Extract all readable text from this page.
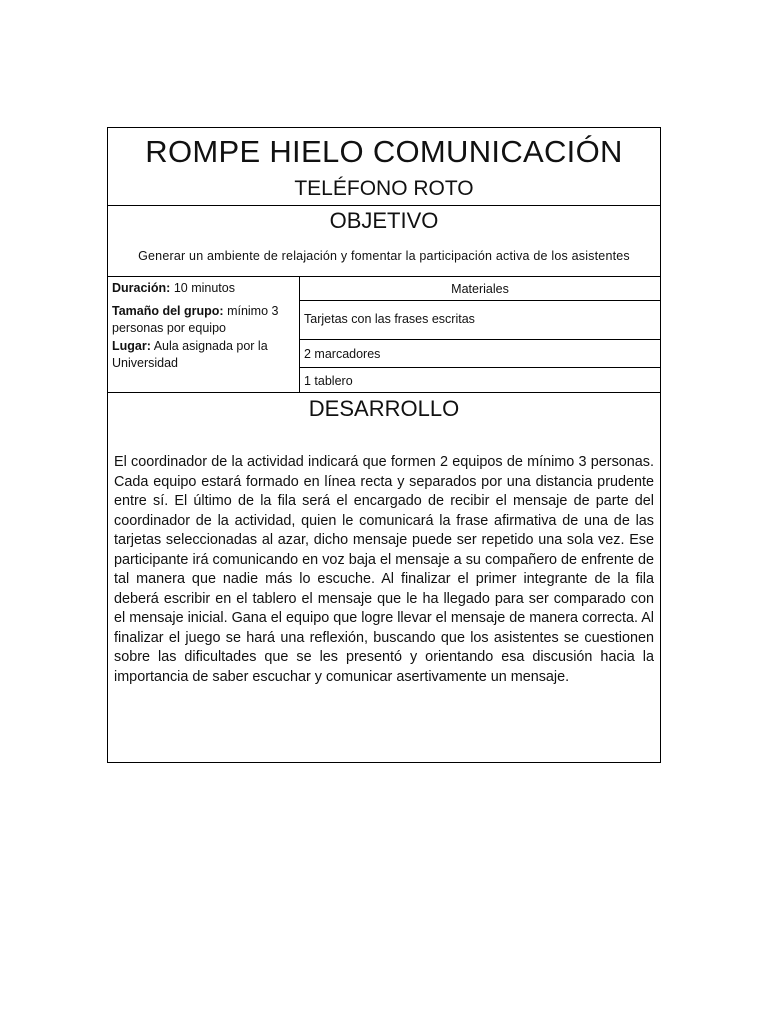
ROMPE HIELO COMUNICACIÓN
TELÉFONO ROTO
OBJETIVO
Generar un ambiente de relajación y fomentar la participación activa de los asistentes
Duración: 10 minutos
Tamaño del grupo: mínimo 3 personas por equipo
Lugar: Aula asignada por la Universidad
Materiales
Tarjetas con las frases escritas
2 marcadores
1 tablero
DESARROLLO
El coordinador de la actividad indicará que formen 2 equipos de mínimo 3 personas. Cada equipo estará formado en línea recta y separados por una distancia prudente entre sí. El último de la fila será el encargado de recibir el mensaje de parte del coordinador de la actividad, quien le comunicará la frase afirmativa de una de las tarjetas seleccionadas al azar, dicho mensaje puede ser repetido una sola vez. Ese participante irá comunicando en voz baja el mensaje a su compañero de enfrente de tal manera que nadie más lo escuche. Al finalizar el primer integrante de la fila deberá escribir en el tablero el mensaje que le ha llegado para ser comparado con el mensaje inicial. Gana el equipo que logre llevar el mensaje de manera correcta. Al finalizar el juego se hará una reflexión, buscando que los asistentes se cuestionen sobre las dificultades que se les presentó y orientando esa discusión hacia la importancia de saber escuchar y comunicar asertivamente un mensaje.
